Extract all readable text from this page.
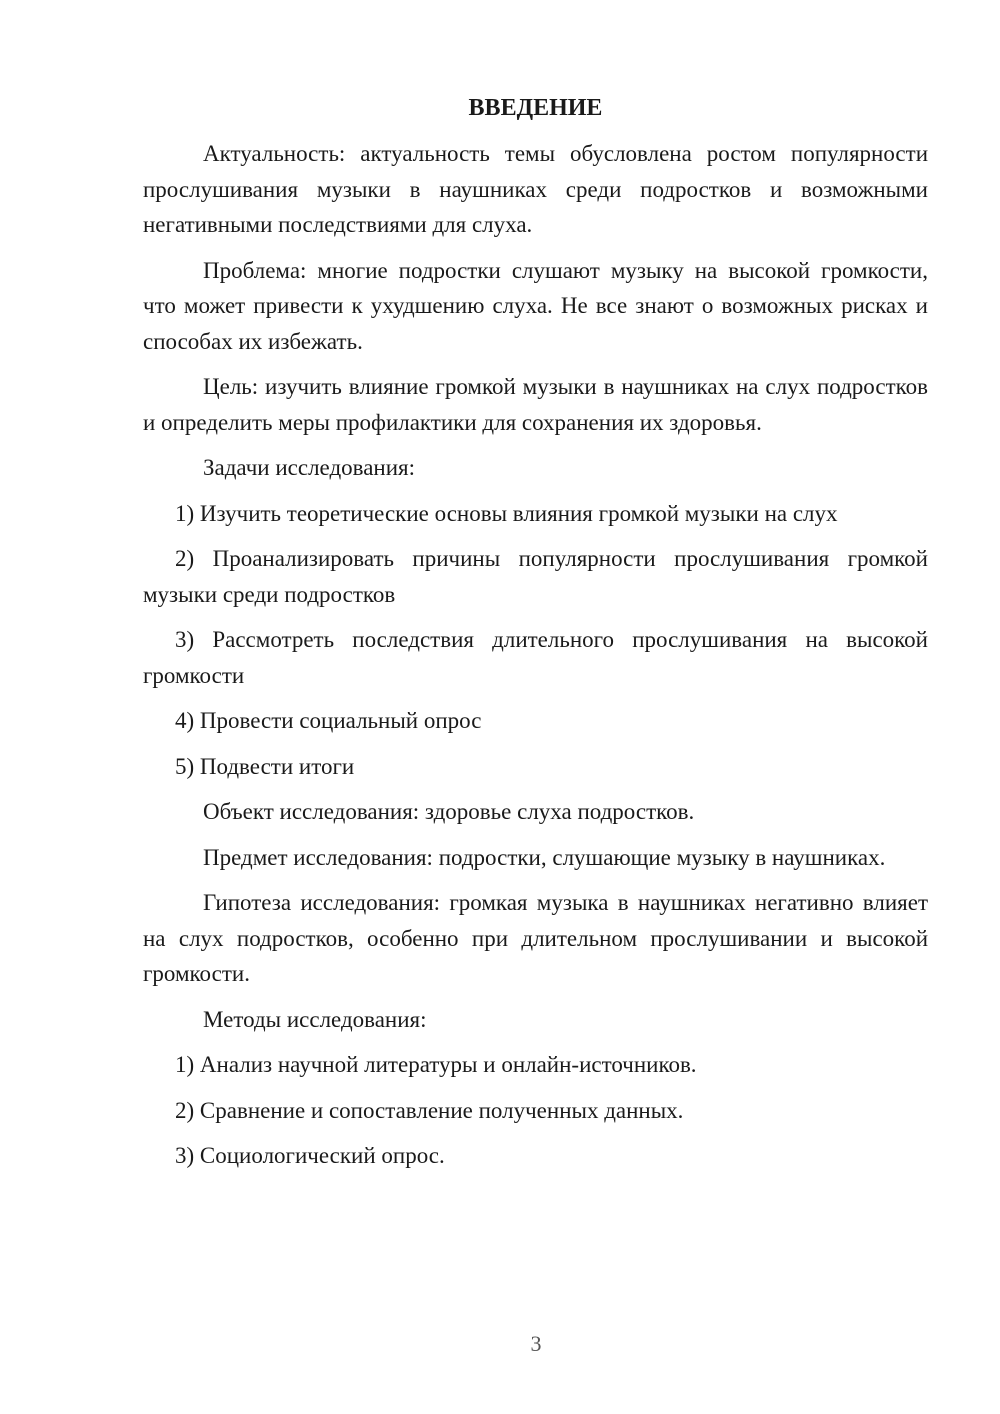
ВВЕДЕНИЕ

Актуальность: актуальность темы обусловлена ростом популярности прослушивания музыки в наушниках среди подростков и возможными негативными последствиями для слуха.

Проблема: многие подростки слушают музыку на высокой громкости, что может привести к ухудшению слуха. Не все знают о возможных рисках и способах их избежать.

Цель: изучить влияние громкой музыки в наушниках на слух подростков и определить меры профилактики для сохранения их здоровья.

Задачи исследования:

1) Изучить теоретические основы влияния громкой музыки на слух

2) Проанализировать причины популярности прослушивания громкой музыки среди подростков

3) Рассмотреть последствия длительного прослушивания на высокой громкости

4) Провести социальный опрос

5) Подвести итоги

Объект исследования: здоровье слуха подростков.

Предмет исследования: подростки, слушающие музыку в наушниках.

Гипотеза исследования: громкая музыка в наушниках негативно влияет на слух подростков, особенно при длительном прослушивании и высокой громкости.

Методы исследования:

1) Анализ научной литературы и онлайн-источников.

2) Сравнение и сопоставление полученных данных.

3) Социологический опрос.

3
